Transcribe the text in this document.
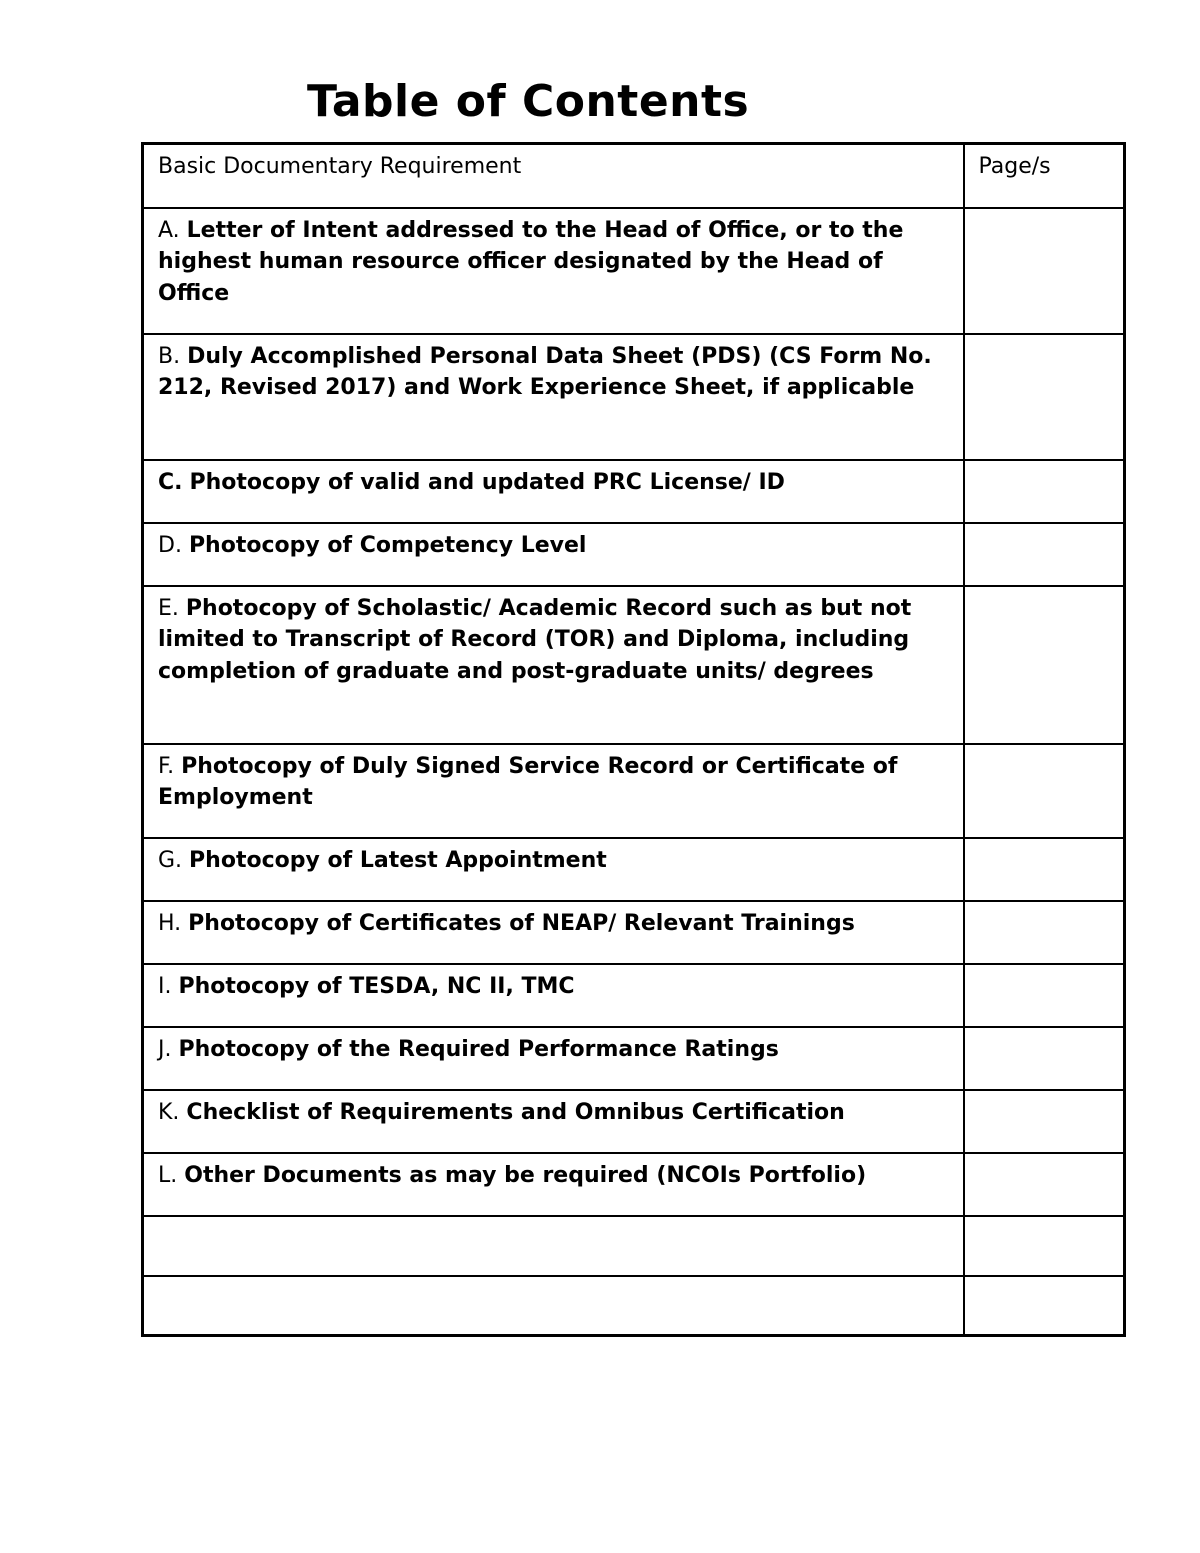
Table of Contents
Basic Documentary Requirement	Page/s
A. Letter of Intent addressed to the Head of Office, or to the highest human resource officer designated by the Head of Office	
B. Duly Accomplished Personal Data Sheet (PDS) (CS Form No. 212, Revised 2017) and Work Experience Sheet, if applicable	
C. Photocopy of valid and updated PRC License/ ID	
D. Photocopy of Competency Level	
E. Photocopy of Scholastic/ Academic Record such as but not limited to Transcript of Record (TOR) and Diploma, including completion of graduate and post-graduate units/ degrees	
F. Photocopy of Duly Signed Service Record or Certificate of Employment	
G. Photocopy of Latest Appointment	
H. Photocopy of Certificates of NEAP/ Relevant Trainings	
I. Photocopy of TESDA, NC II, TMC	
J. Photocopy of the Required Performance Ratings	
K. Checklist of Requirements and Omnibus Certification	
L. Other Documents as may be required (NCOIs Portfolio)	
